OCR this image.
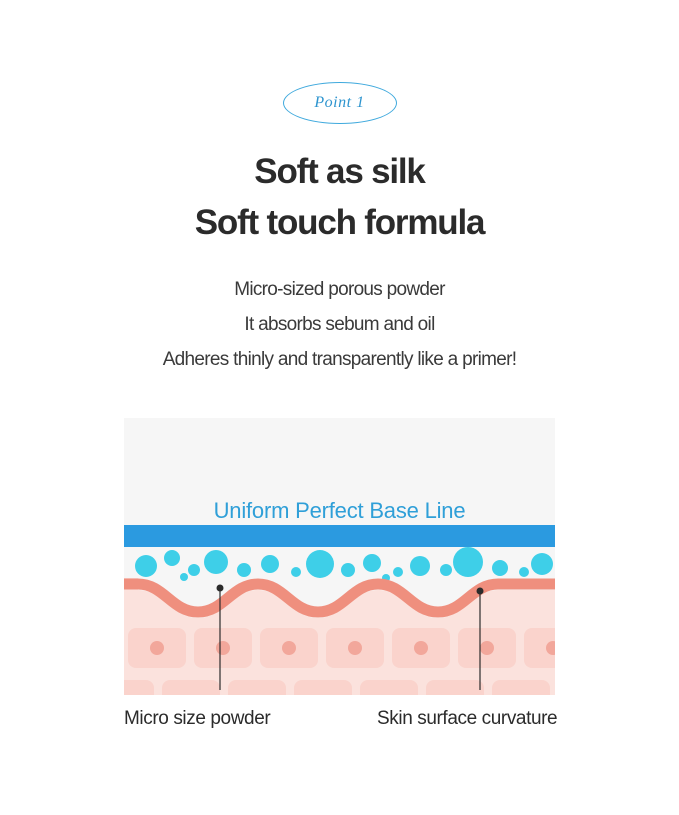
Point 1
Soft as silk
Soft touch formula
Micro-sized porous powder
It absorbs sebum and oil
Adheres thinly and transparently like a primer!
Uniform Perfect Base Line
Micro size powder	Skin surface curvature
